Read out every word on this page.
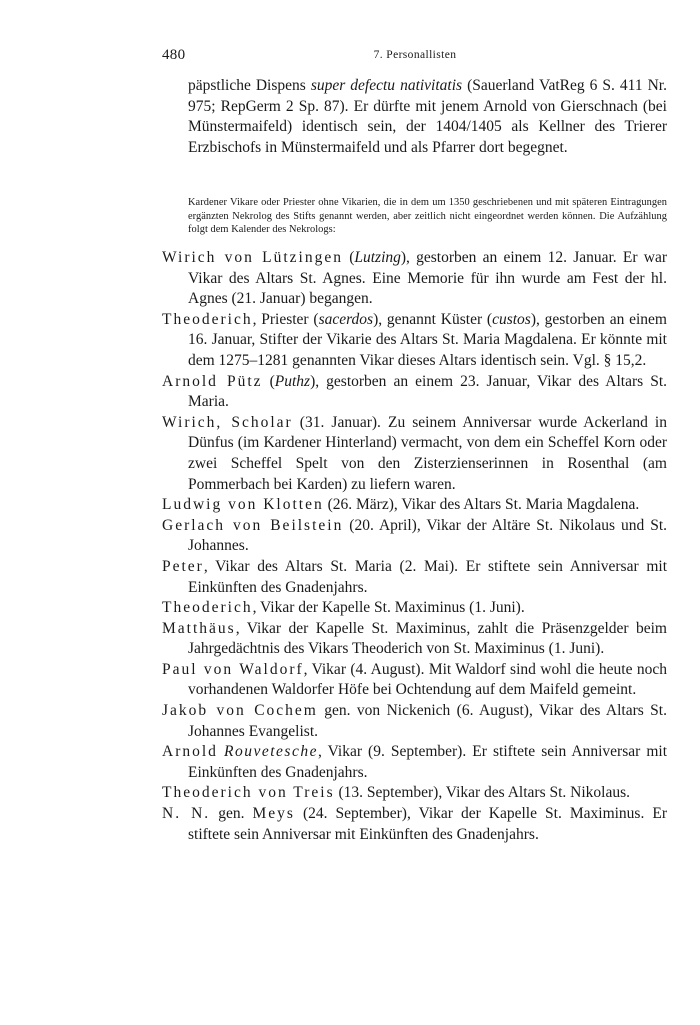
480	7. Personallisten

päpstliche Dispens super defectu nativitatis (Sauerland VatReg 6 S. 411 Nr. 975; RepGerm 2 Sp. 87). Er dürfte mit jenem Arnold von Gierschnach (bei Münstermaifeld) identisch sein, der 1404/1405 als Kellner des Trierer Erzbischofs in Münstermaifeld und als Pfarrer dort begegnet.

Kardener Vikare oder Priester ohne Vikarien, die in dem um 1350 geschriebenen und mit späteren Eintragungen ergänzten Nekrolog des Stifts genannt werden, aber zeitlich nicht eingeordnet werden können. Die Aufzählung folgt dem Kalender des Nekrologs:

Wirich von Lützingen (Lutzing), gestorben an einem 12. Januar. Er war Vikar des Altars St. Agnes. Eine Memorie für ihn wurde am Fest der hl. Agnes (21. Januar) begangen.

Theoderich, Priester (sacerdos), genannt Küster (custos), gestorben an einem 16. Januar, Stifter der Vikarie des Altars St. Maria Magdalena. Er könnte mit dem 1275–1281 genannten Vikar dieses Altars identisch sein. Vgl. § 15,2.

Arnold Pütz (Puthz), gestorben an einem 23. Januar, Vikar des Altars St. Maria.

Wirich, Scholar (31. Januar). Zu seinem Anniversar wurde Ackerland in Dünfus (im Kardener Hinterland) vermacht, von dem ein Scheffel Korn oder zwei Scheffel Spelt von den Zisterzienserinnen in Rosenthal (am Pommerbach bei Karden) zu liefern waren.

Ludwig von Klotten (26. März), Vikar des Altars St. Maria Magdalena.

Gerlach von Beilstein (20. April), Vikar der Altäre St. Nikolaus und St. Johannes.

Peter, Vikar des Altars St. Maria (2. Mai). Er stiftete sein Anniversar mit Einkünften des Gnadenjahrs.

Theoderich, Vikar der Kapelle St. Maximinus (1. Juni).

Matthäus, Vikar der Kapelle St. Maximinus, zahlt die Präsenzgelder beim Jahrgedächtnis des Vikars Theoderich von St. Maximinus (1. Juni).

Paul von Waldorf, Vikar (4. August). Mit Waldorf sind wohl die heute noch vorhandenen Waldorfer Höfe bei Ochtendung auf dem Maifeld gemeint.

Jakob von Cochem gen. von Nickenich (6. August), Vikar des Altars St. Johannes Evangelist.

Arnold Rouvetesche, Vikar (9. September). Er stiftete sein Anniversar mit Einkünften des Gnadenjahrs.

Theoderich von Treis (13. September), Vikar des Altars St. Nikolaus.

N. N. gen. Meys (24. September), Vikar der Kapelle St. Maximinus. Er stiftete sein Anniversar mit Einkünften des Gnadenjahrs.
